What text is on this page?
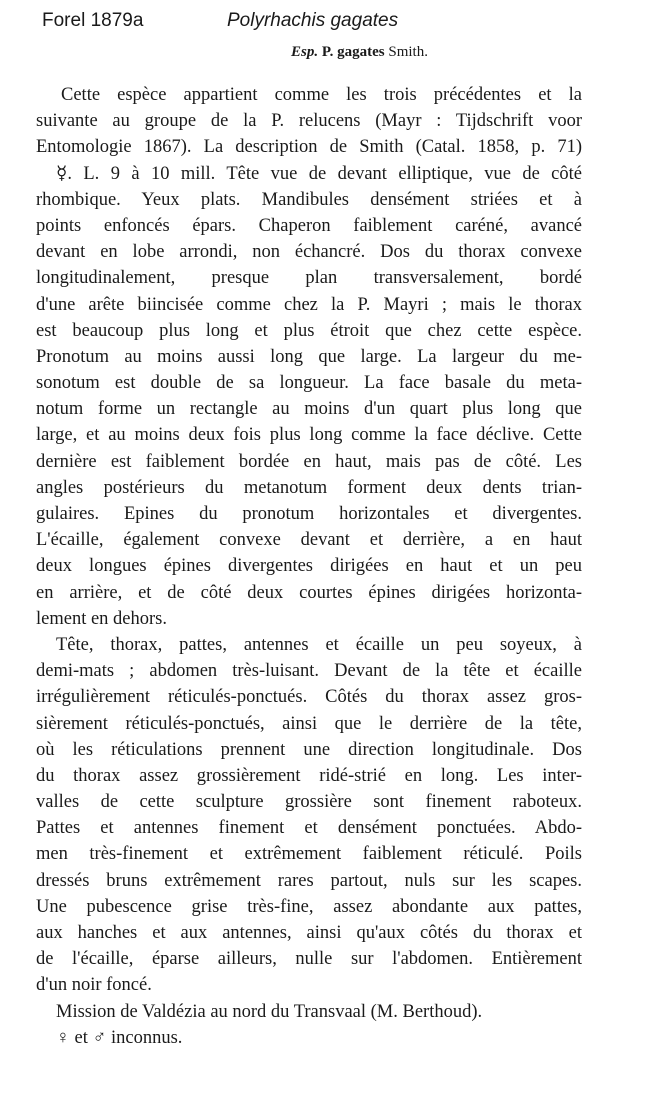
Forel 1879a	Polyrhachis gagates
Esp. P. gagates Smith.
Cette espèce appartient comme les trois précédentes et la
suivante au groupe de la P. relucens (Mayr : Tijdschrift voor
Entomologie 1867). La description de Smith (Catal. 1858, p. 71)
☿. L. 9 à 10 mill. Tête vue de devant elliptique, vue de côté
rhombique. Yeux plats. Mandibules densément striées et à
points enfoncés épars. Chaperon faiblement caréné, avancé
devant en lobe arrondi, non échancré. Dos du thorax convexe
longitudinalement, presque plan transversalement, bordé
d'une arête biincisée comme chez la P. Mayri ; mais le thorax
est beaucoup plus long et plus étroit que chez cette espèce.
Pronotum au moins aussi long que large. La largeur du me-
sonotum est double de sa longueur. La face basale du meta-
notum forme un rectangle au moins d'un quart plus long que
large, et au moins deux fois plus long comme la face déclive. Cette
dernière est faiblement bordée en haut, mais pas de côté. Les
angles postérieurs du metanotum forment deux dents trian-
gulaires. Epines du pronotum horizontales et divergentes.
L'écaille, également convexe devant et derrière, a en haut
deux longues épines divergentes dirigées en haut et un peu
en arrière, et de côté deux courtes épines dirigées horizonta-
lement en dehors.
Tête, thorax, pattes, antennes et écaille un peu soyeux, à
demi-mats ; abdomen très-luisant. Devant de la tête et écaille
irrégulièrement réticulés-ponctués. Côtés du thorax assez gros-
sièrement réticulés-ponctués, ainsi que le derrière de la tête,
où les réticulations prennent une direction longitudinale. Dos
du thorax assez grossièrement ridé-strié en long. Les inter-
valles de cette sculpture grossière sont finement raboteux.
Pattes et antennes finement et densément ponctuées. Abdo-
men très-finement et extrêmement faiblement réticulé. Poils
dressés bruns extrêmement rares partout, nuls sur les scapes.
Une pubescence grise très-fine, assez abondante aux pattes,
aux hanches et aux antennes, ainsi qu'aux côtés du thorax et
de l'écaille, éparse ailleurs, nulle sur l'abdomen. Entièrement
d'un noir foncé.
Mission de Valdézia au nord du Transvaal (M. Berthoud).
♀ et ♂ inconnus.
